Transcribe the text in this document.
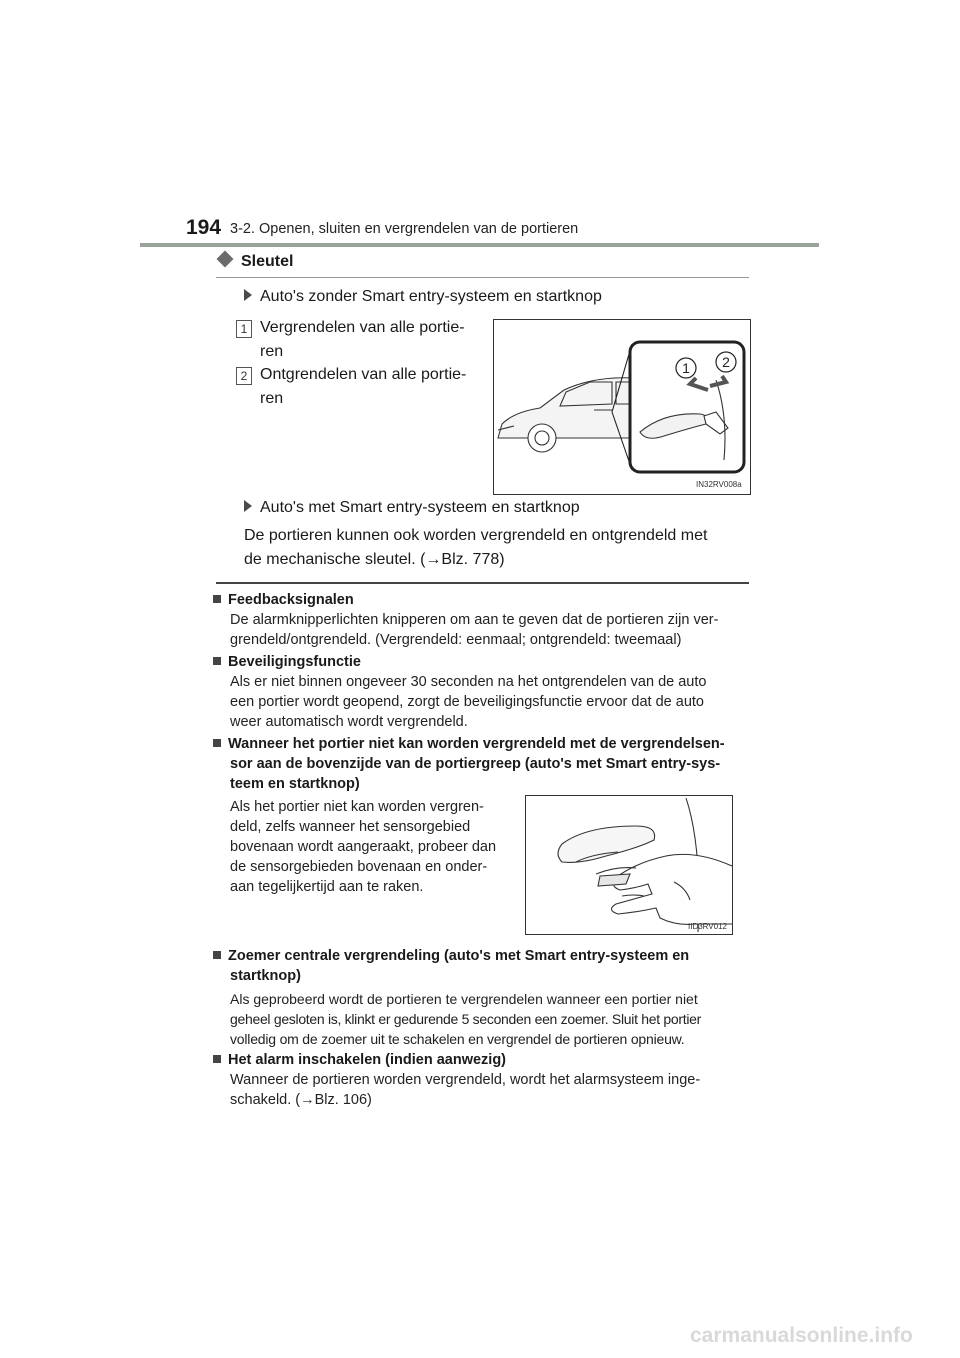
194 3-2. Openen, sluiten en vergrendelen van de portieren
Sleutel
Auto's zonder Smart entry-systeem en startknop
1 Vergrendelen van alle portie-
ren
2 Ontgrendelen van alle portie-
ren
1 2
IN32RV008a
Auto's met Smart entry-systeem en startknop
De portieren kunnen ook worden vergrendeld en ontgrendeld met
de mechanische sleutel. (→Blz. 778)
Feedbacksignalen
De alarmknipperlichten knipperen om aan te geven dat de portieren zijn ver-
grendeld/ontgrendeld. (Vergrendeld: eenmaal; ontgrendeld: tweemaal)
Beveiligingsfunctie
Als er niet binnen ongeveer 30 seconden na het ontgrendelen van de auto
een portier wordt geopend, zorgt de beveiligingsfunctie ervoor dat de auto
weer automatisch wordt vergrendeld.
Wanneer het portier niet kan worden vergrendeld met de vergrendelsen-
sor aan de bovenzijde van de portiergreep (auto's met Smart entry-sys-
teem en startknop)
Als het portier niet kan worden vergren-
deld, zelfs wanneer het sensorgebied
bovenaan wordt aangeraakt, probeer dan
de sensorgebieden bovenaan en onder-
aan tegelijkertijd aan te raken.
IID3RV012
Zoemer centrale vergrendeling (auto's met Smart entry-systeem en
startknop)
Als geprobeerd wordt de portieren te vergrendelen wanneer een portier niet
geheel gesloten is, klinkt er gedurende 5 seconden een zoemer. Sluit het portier
volledig om de zoemer uit te schakelen en vergrendel de portieren opnieuw.
Het alarm inschakelen (indien aanwezig)
Wanneer de portieren worden vergrendeld, wordt het alarmsysteem inge-
schakeld. (→Blz. 106)
carmanualsonline.info
